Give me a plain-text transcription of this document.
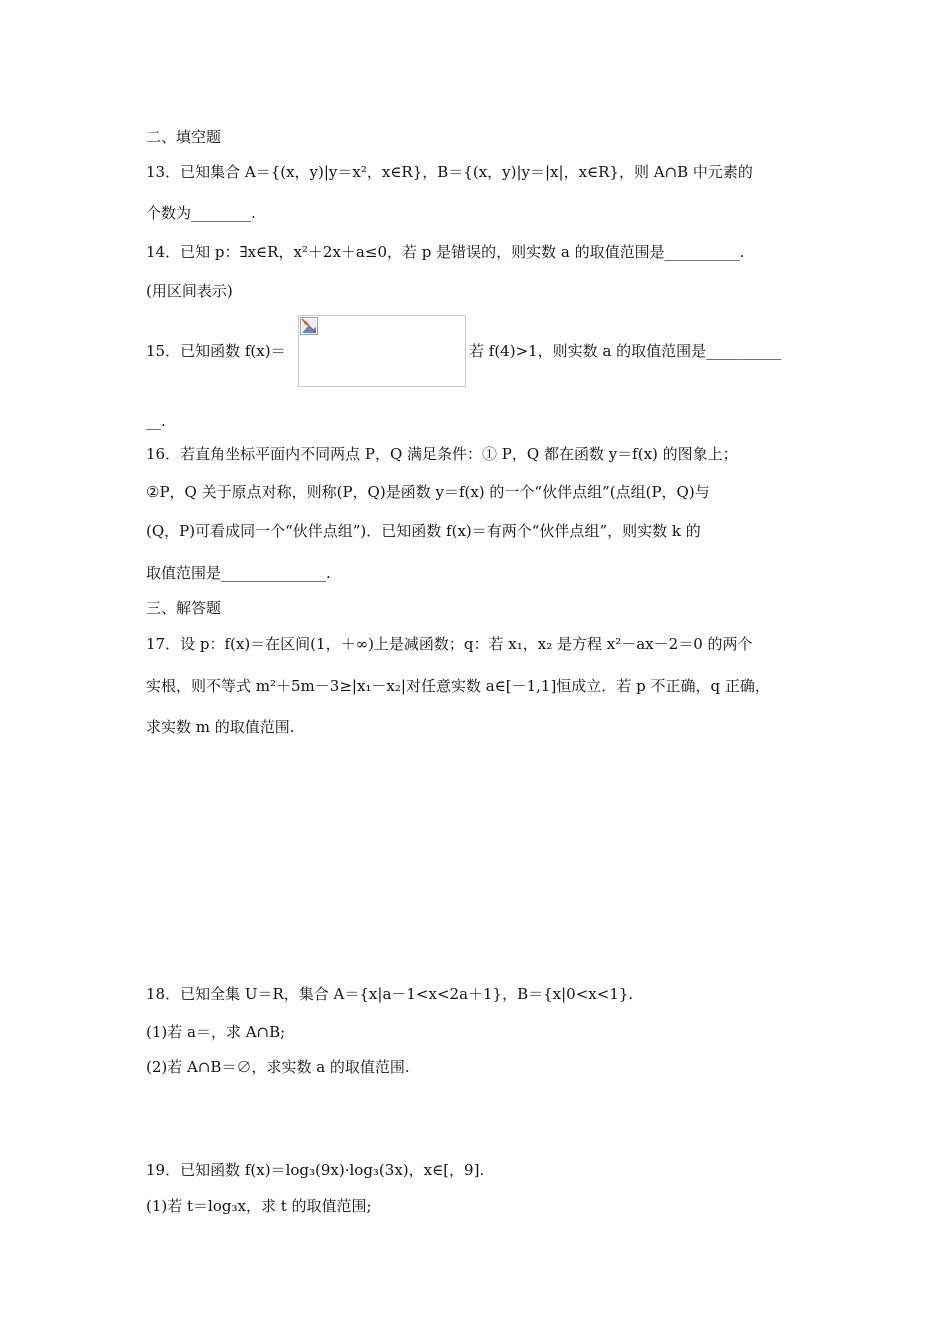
二、填空题
13．已知集合 A＝{(x，y)|y＝x²，x∈R}，B＝{(x，y)|y＝|x|，x∈R}，则 A∩B 中元素的
个数为________.
14．已知 p：∃x∈R，x²＋2x＋a≤0，若 p 是错误的，则实数 a 的取值范围是__________.
(用区间表示)
15．已知函数 f(x)＝	若 f(4)>1，则实数 a 的取值范围是__________
__.
16．若直角坐标平面内不同两点 P，Q 满足条件：① P，Q 都在函数 y＝f(x) 的图象上；
②P，Q 关于原点对称，则称(P，Q)是函数 y＝f(x) 的一个“伙伴点组”(点组(P，Q)与
(Q，P)可看成同一个“伙伴点组”)．已知函数 f(x)＝有两个“伙伴点组”，则实数 k 的
取值范围是______________.
三、解答题
17．设 p：f(x)＝在区间(1，＋∞)上是减函数；q：若 x₁，x₂ 是方程 x²－ax－2＝0 的两个
实根，则不等式 m²＋5m－3≥|x₁－x₂|对任意实数 a∈[－1,1]恒成立．若 p 不正确，q 正确，
求实数 m 的取值范围.
18．已知全集 U＝R，集合 A＝{x|a－1<x<2a＋1}，B＝{x|0<x<1}.
(1)若 a＝，求 A∩B;
(2)若 A∩B＝∅，求实数 a 的取值范围.
19．已知函数 f(x)＝log₃(9x)·log₃(3x)，x∈[，9].
(1)若 t＝log₃x，求 t 的取值范围;
